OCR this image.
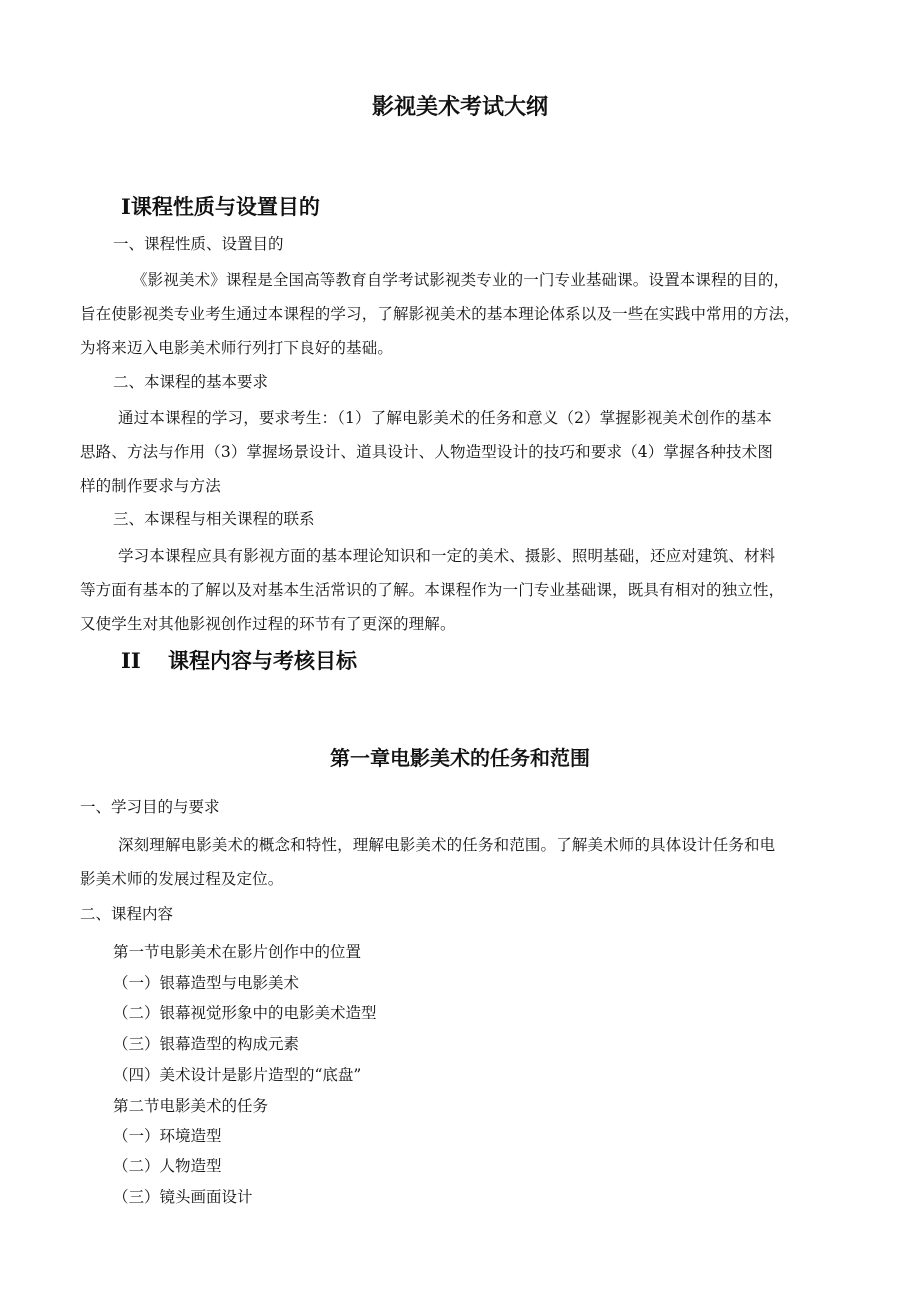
影视美术考试大纲
I课程性质与设置目的

一、课程性质、设置目的

《影视美术》课程是全国高等教育自学考试影视类专业的一门专业基础课。设置本课程的目的，
旨在使影视类专业考生通过本课程的学习，了解影视美术的基本理论体系以及一些在实践中常用的方法，
为将来迈入电影美术师行列打下良好的基础。

二、本课程的基本要求

通过本课程的学习，要求考生：（1）了解电影美术的任务和意义（2）掌握影视美术创作的基本
思路、方法与作用（3）掌握场景设计、道具设计、人物造型设计的技巧和要求（4）掌握各种技术图
样的制作要求与方法

三、本课程与相关课程的联系

学习本课程应具有影视方面的基本理论知识和一定的美术、摄影、照明基础，还应对建筑、材料
等方面有基本的了解以及对基本生活常识的了解。本课程作为一门专业基础课，既具有相对的独立性，
又使学生对其他影视创作过程的环节有了更深的理解。
II 课程内容与考核目标
第一章电影美术的任务和范围

一、学习目的与要求

深刻理解电影美术的概念和特性，理解电影美术的任务和范围。了解美术师的具体设计任务和电
影美术师的发展过程及定位。

二、课程内容

第一节电影美术在影片创作中的位置

（一）银幕造型与电影美术

（二）银幕视觉形象中的电影美术造型

（三）银幕造型的构成元素

（四）美术设计是影片造型的“底盘”

第二节电影美术的任务

（一）环境造型

（二）人物造型

（三）镜头画面设计
